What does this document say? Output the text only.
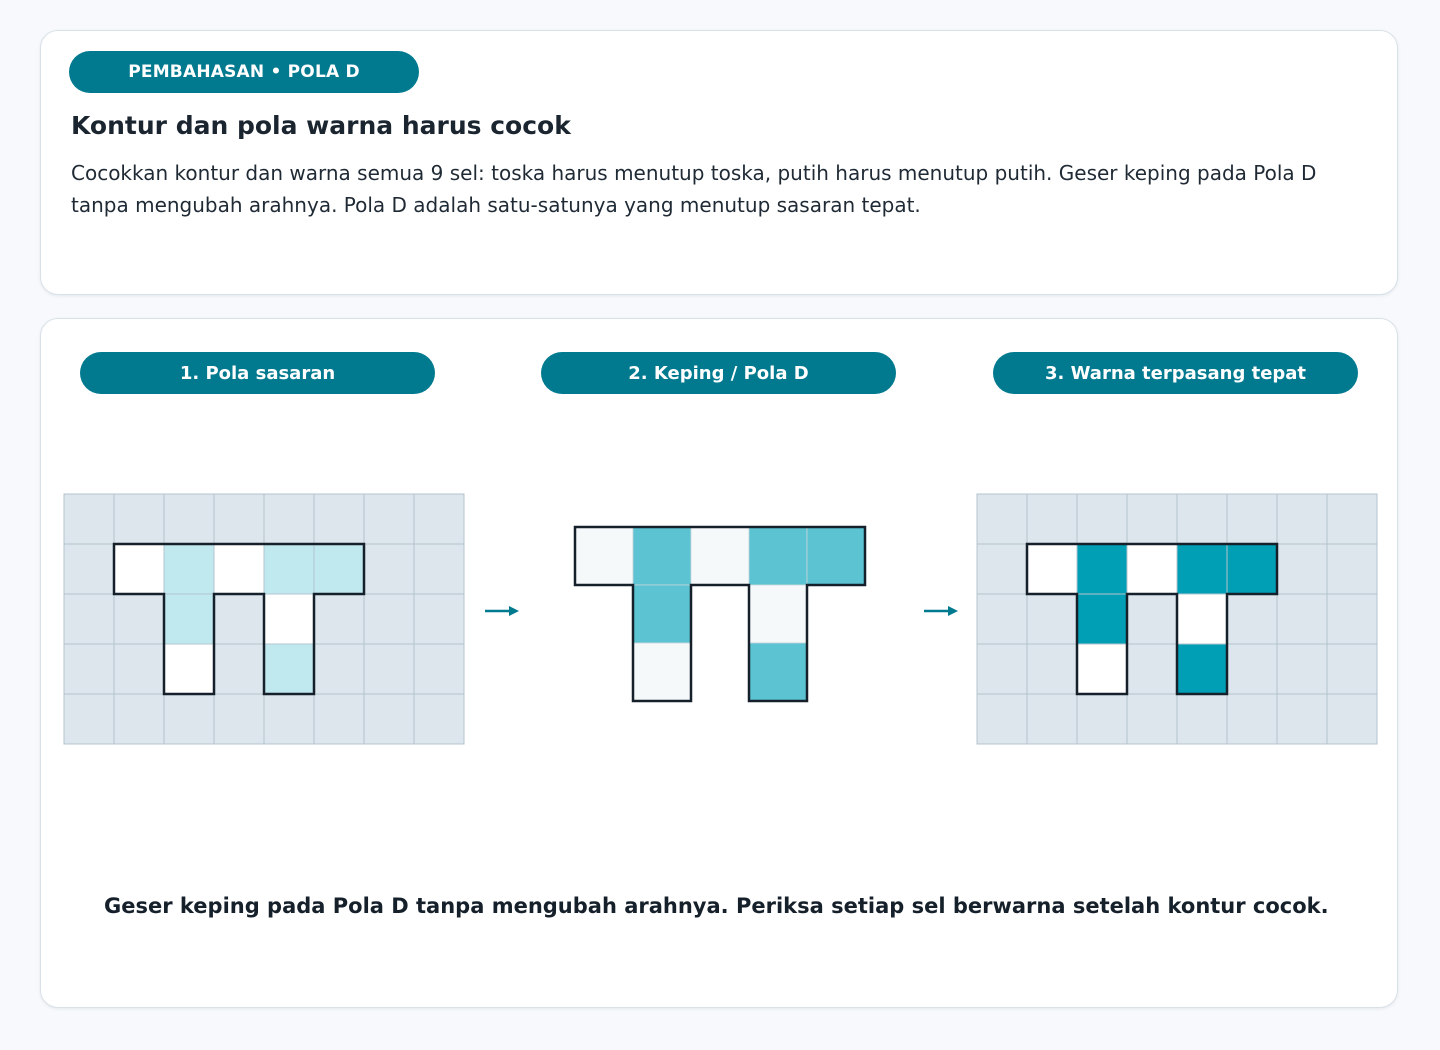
PEMBAHASAN • POLA D
Kontur dan pola warna harus cocok

Cocokkan kontur dan warna semua 9 sel: toska harus menutup toska, putih harus menutup putih. Geser keping pada Pola D tanpa mengubah arahnya. Pola D adalah satu-satunya yang menutup sasaran tepat.

1. Pola sasaran	2. Keping / Pola D	3. Warna terpasang tepat

Geser keping pada Pola D tanpa mengubah arahnya. Periksa setiap sel berwarna setelah kontur cocok.
